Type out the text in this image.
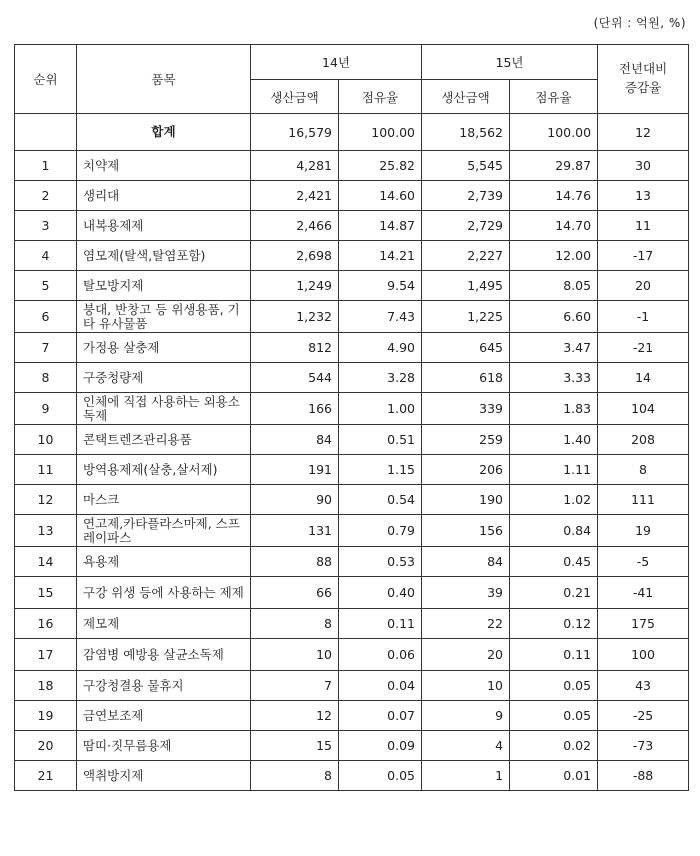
(단위 : 억원, %)
순위	품목	14년		15년		전년대비
증감율
		생산금액	점유율	생산금액	점유율	
	합계	16,579	100.00	18,562	100.00	12
1	치약제	4,281	25.82	5,545	29.87	30
2	생리대	2,421	14.60	2,739	14.76	13
3	내복용제제	2,466	14.87	2,729	14.70	11
4	염모제(탈색,탈염포함)	2,698	14.21	2,227	12.00	-17
5	탈모방지제	1,249	9.54	1,495	8.05	20
6	붕대, 반창고 등 위생용품, 기타 유사물품	1,232	7.43	1,225	6.60	-1
7	가정용 살충제	812	4.90	645	3.47	-21
8	구중청량제	544	3.28	618	3.33	14
9	인체에 직접 사용하는 외용소독제	166	1.00	339	1.83	104
10	콘택트렌즈관리용품	84	0.51	259	1.40	208
11	방역용제제(살충,살서제)	191	1.15	206	1.11	8
12	마스크	90	0.54	190	1.02	111
13	연고제,카타플라스마제, 스프레이파스	131	0.79	156	0.84	19
14	욕용제	88	0.53	84	0.45	-5
15	구강 위생 등에 사용하는 제제	66	0.40	39	0.21	-41
16	제모제	8	0.11	22	0.12	175
17	감염병 예방용 살균소독제	10	0.06	20	0.11	100
18	구강청결용 물휴지	7	0.04	10	0.05	43
19	금연보조제	12	0.07	9	0.05	-25
20	땀띠·짓무름용제	15	0.09	4	0.02	-73
21	액취방지제	8	0.05	1	0.01	-88
